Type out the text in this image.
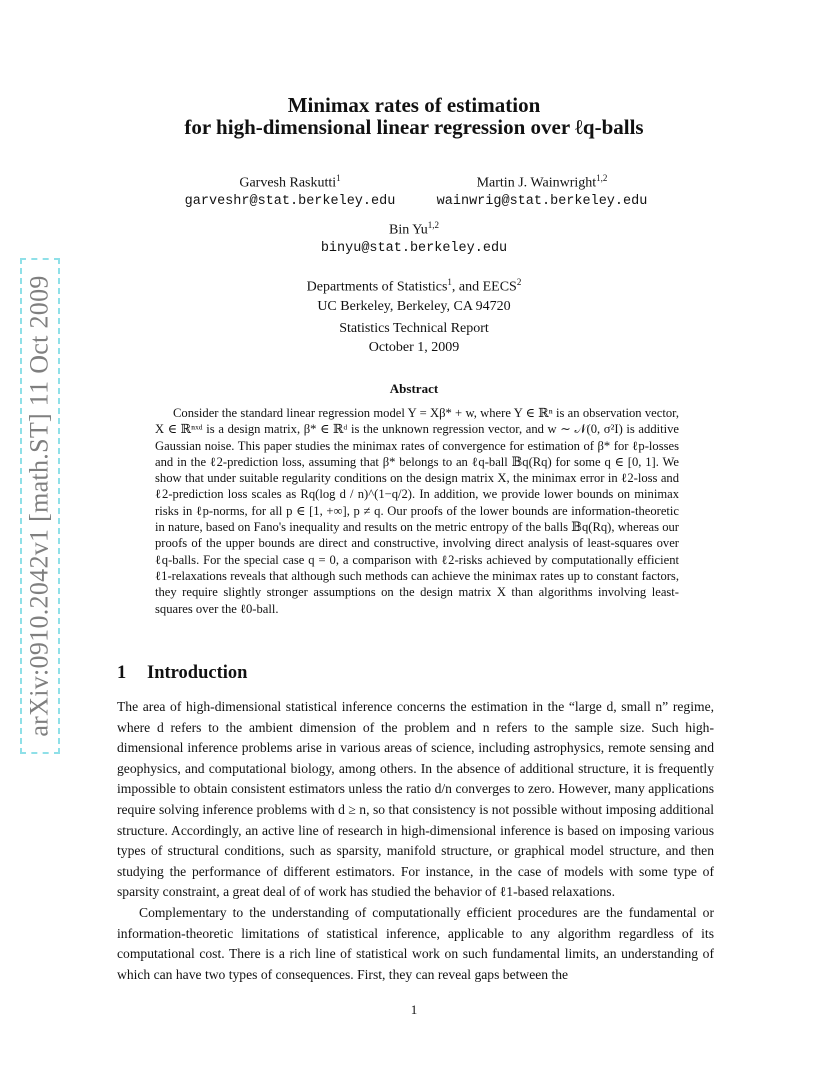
arXiv:0910.2042v1 [math.ST] 11 Oct 2009
Minimax rates of estimation
for high-dimensional linear regression over ℓq-balls
Garvesh Raskutti$^1$
garveshr@stat.berkeley.edu
Martin J. Wainwright$^{1,2}$
wainwrig@stat.berkeley.edu
Bin Yu$^{1,2}$
binyu@stat.berkeley.edu
Departments of Statistics$^1$, and EECS$^2$
UC Berkeley, Berkeley, CA 94720
Statistics Technical Report
October 1, 2009
Abstract

Consider the standard linear regression model Y = Xβ* + w, where Y ∈ ℝⁿ is an observation vector, X ∈ ℝⁿˣᵈ is a design matrix, β* ∈ ℝᵈ is the unknown regression vector, and w ∼ 𝒩(0, σ²I) is additive Gaussian noise. This paper studies the minimax rates of convergence for estimation of β* for ℓp-losses and in the ℓ2-prediction loss, assuming that β* belongs to an ℓq-ball 𝔹q(Rq) for some q ∈ [0, 1]. We show that under suitable regularity conditions on the design matrix X, the minimax error in ℓ2-loss and ℓ2-prediction loss scales as Rq(log d / n)^(1−q/2). In addition, we provide lower bounds on minimax risks in ℓp-norms, for all p ∈ [1, +∞], p ≠ q. Our proofs of the lower bounds are information-theoretic in nature, based on Fano's inequality and results on the metric entropy of the balls 𝔹q(Rq), whereas our proofs of the upper bounds are direct and constructive, involving direct analysis of least-squares over ℓq-balls. For the special case q = 0, a comparison with ℓ2-risks achieved by computationally efficient ℓ1-relaxations reveals that although such methods can achieve the minimax rates up to constant factors, they require slightly stronger assumptions on the design matrix X than algorithms involving least-squares over the ℓ0-ball.

1 Introduction

The area of high-dimensional statistical inference concerns the estimation in the “large d, small n” regime, where d refers to the ambient dimension of the problem and n refers to the sample size. Such high-dimensional inference problems arise in various areas of science, including astrophysics, remote sensing and geophysics, and computational biology, among others. In the absence of additional structure, it is frequently impossible to obtain consistent estimators unless the ratio d/n converges to zero. However, many applications require solving inference problems with d ≥ n, so that consistency is not possible without imposing additional structure. Accordingly, an active line of research in high-dimensional inference is based on imposing various types of structural conditions, such as sparsity, manifold structure, or graphical model structure, and then studying the performance of different estimators. For instance, in the case of models with some type of sparsity constraint, a great deal of of work has studied the behavior of ℓ1-based relaxations.

Complementary to the understanding of computationally efficient procedures are the fundamental or information-theoretic limitations of statistical inference, applicable to any algorithm regardless of its computational cost. There is a rich line of statistical work on such fundamental limits, an understanding of which can have two types of consequences. First, they can reveal gaps between the

1
